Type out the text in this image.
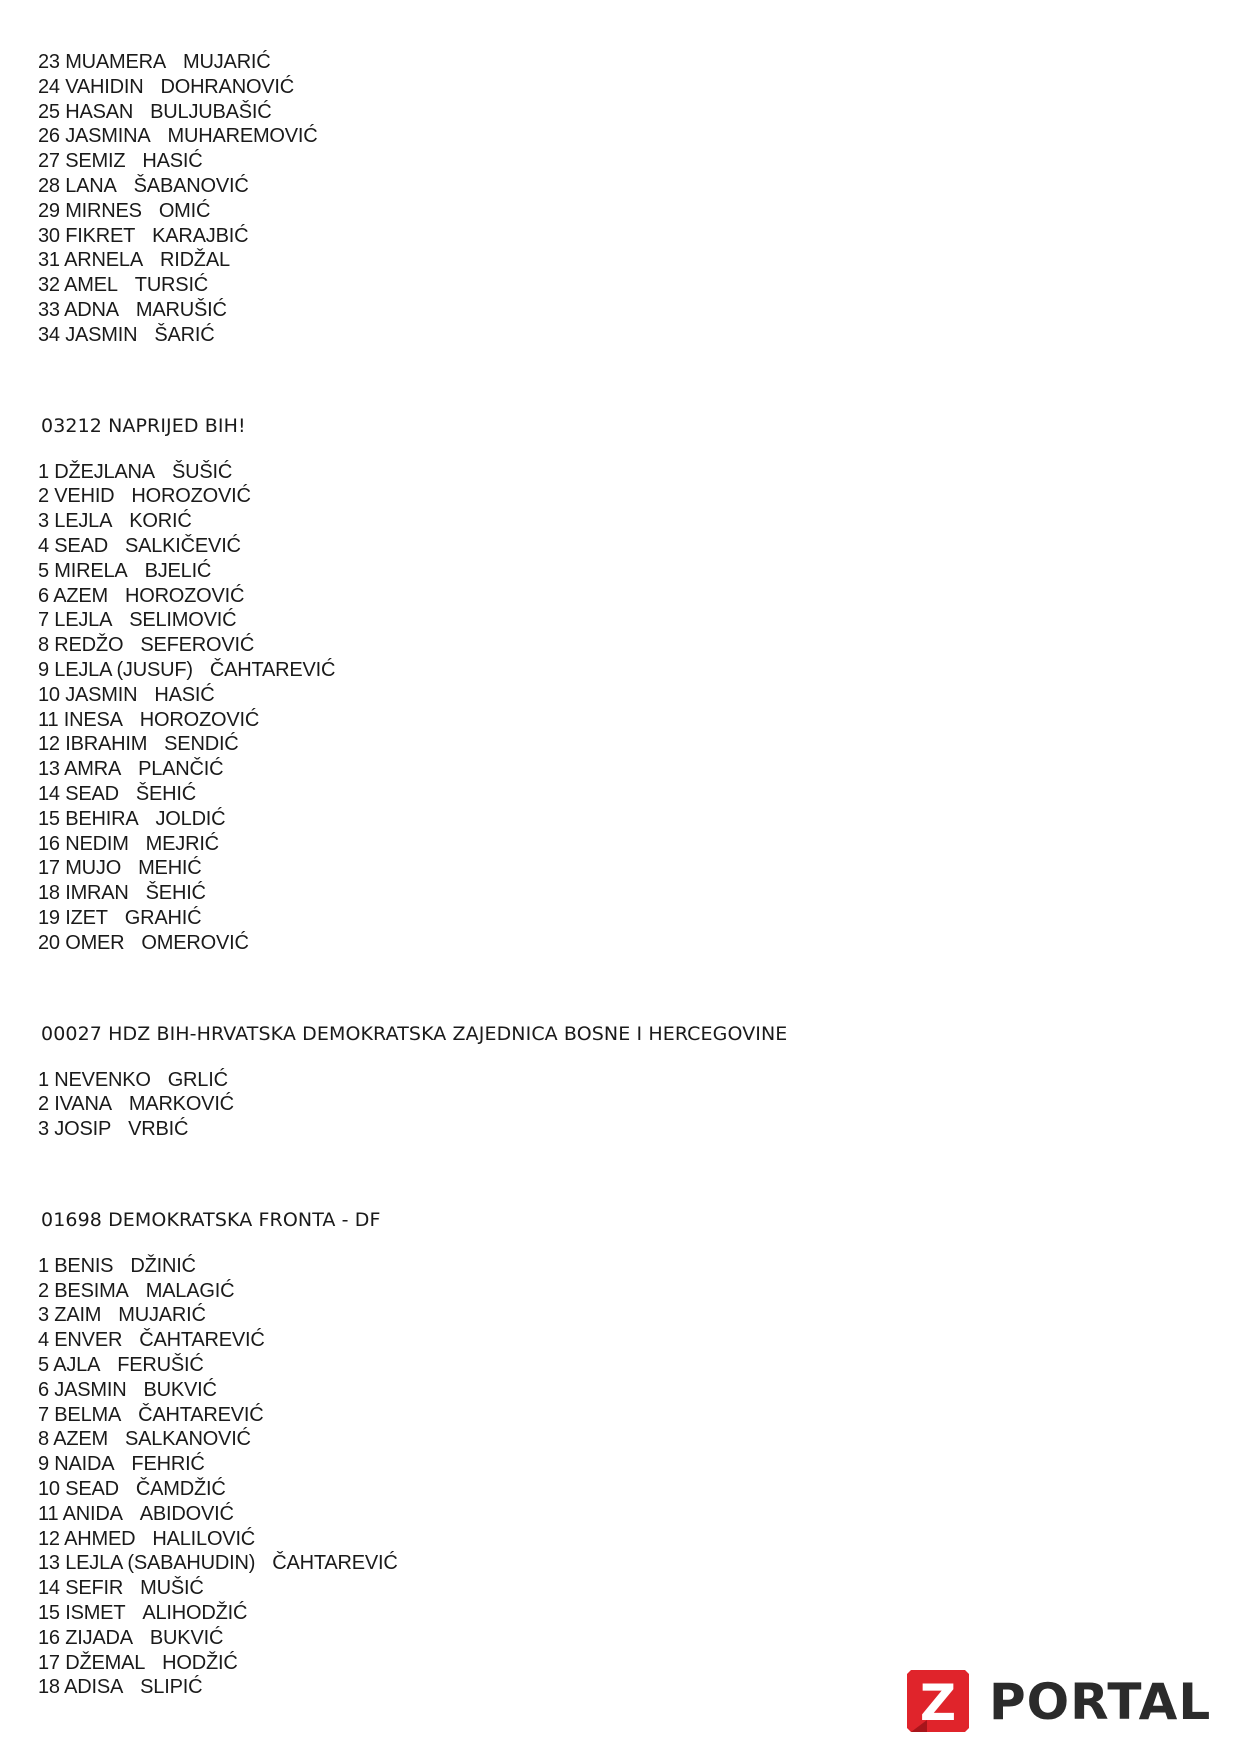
23 MUAMERA MUJARIĆ
24 VAHIDIN DOHRANOVIĆ
25 HASAN BULJUBAŠIĆ
26 JASMINA MUHAREMOVIĆ
27 SEMIZ HASIĆ
28 LANA ŠABANOVIĆ
29 MIRNES OMIĆ
30 FIKRET KARAJBIĆ
31 ARNELA RIDŽAL
32 AMEL TURSIĆ
33 ADNA MARUŠIĆ
34 JASMIN ŠARIĆ
03212 NAPRIJED BIH!
1 DŽEJLANA ŠUŠIĆ
2 VEHID HOROZOVIĆ
3 LEJLA KORIĆ
4 SEAD SALKIČEVIĆ
5 MIRELA BJELIĆ
6 AZEM HOROZOVIĆ
7 LEJLA SELIMOVIĆ
8 REDŽO SEFEROVIĆ
9 LEJLA (JUSUF) ČAHTAREVIĆ
10 JASMIN HASIĆ
11 INESA HOROZOVIĆ
12 IBRAHIM SENDIĆ
13 AMRA PLANČIĆ
14 SEAD ŠEHIĆ
15 BEHIRA JOLDIĆ
16 NEDIM MEJRIĆ
17 MUJO MEHIĆ
18 IMRAN ŠEHIĆ
19 IZET GRAHIĆ
20 OMER OMEROVIĆ
00027 HDZ BIH-HRVATSKA DEMOKRATSKA ZAJEDNICA BOSNE I HERCEGOVINE
1 NEVENKO GRLIĆ
2 IVANA MARKOVIĆ
3 JOSIP VRBIĆ
01698 DEMOKRATSKA FRONTA - DF
1 BENIS DŽINIĆ
2 BESIMA MALAGIĆ
3 ZAIM MUJARIĆ
4 ENVER ČAHTAREVIĆ
5 AJLA FERUŠIĆ
6 JASMIN BUKVIĆ
7 BELMA ČAHTAREVIĆ
8 AZEM SALKANOVIĆ
9 NAIDA FEHRIĆ
10 SEAD ČAMDŽIĆ
11 ANIDA ABIDOVIĆ
12 AHMED HALILOVIĆ
13 LEJLA (SABAHUDIN) ČAHTAREVIĆ
14 SEFIR MUŠIĆ
15 ISMET ALIHODŽIĆ
16 ZIJADA BUKVIĆ
17 DŽEMAL HODŽIĆ
18 ADISA SLIPIĆ	Z PORTAL
